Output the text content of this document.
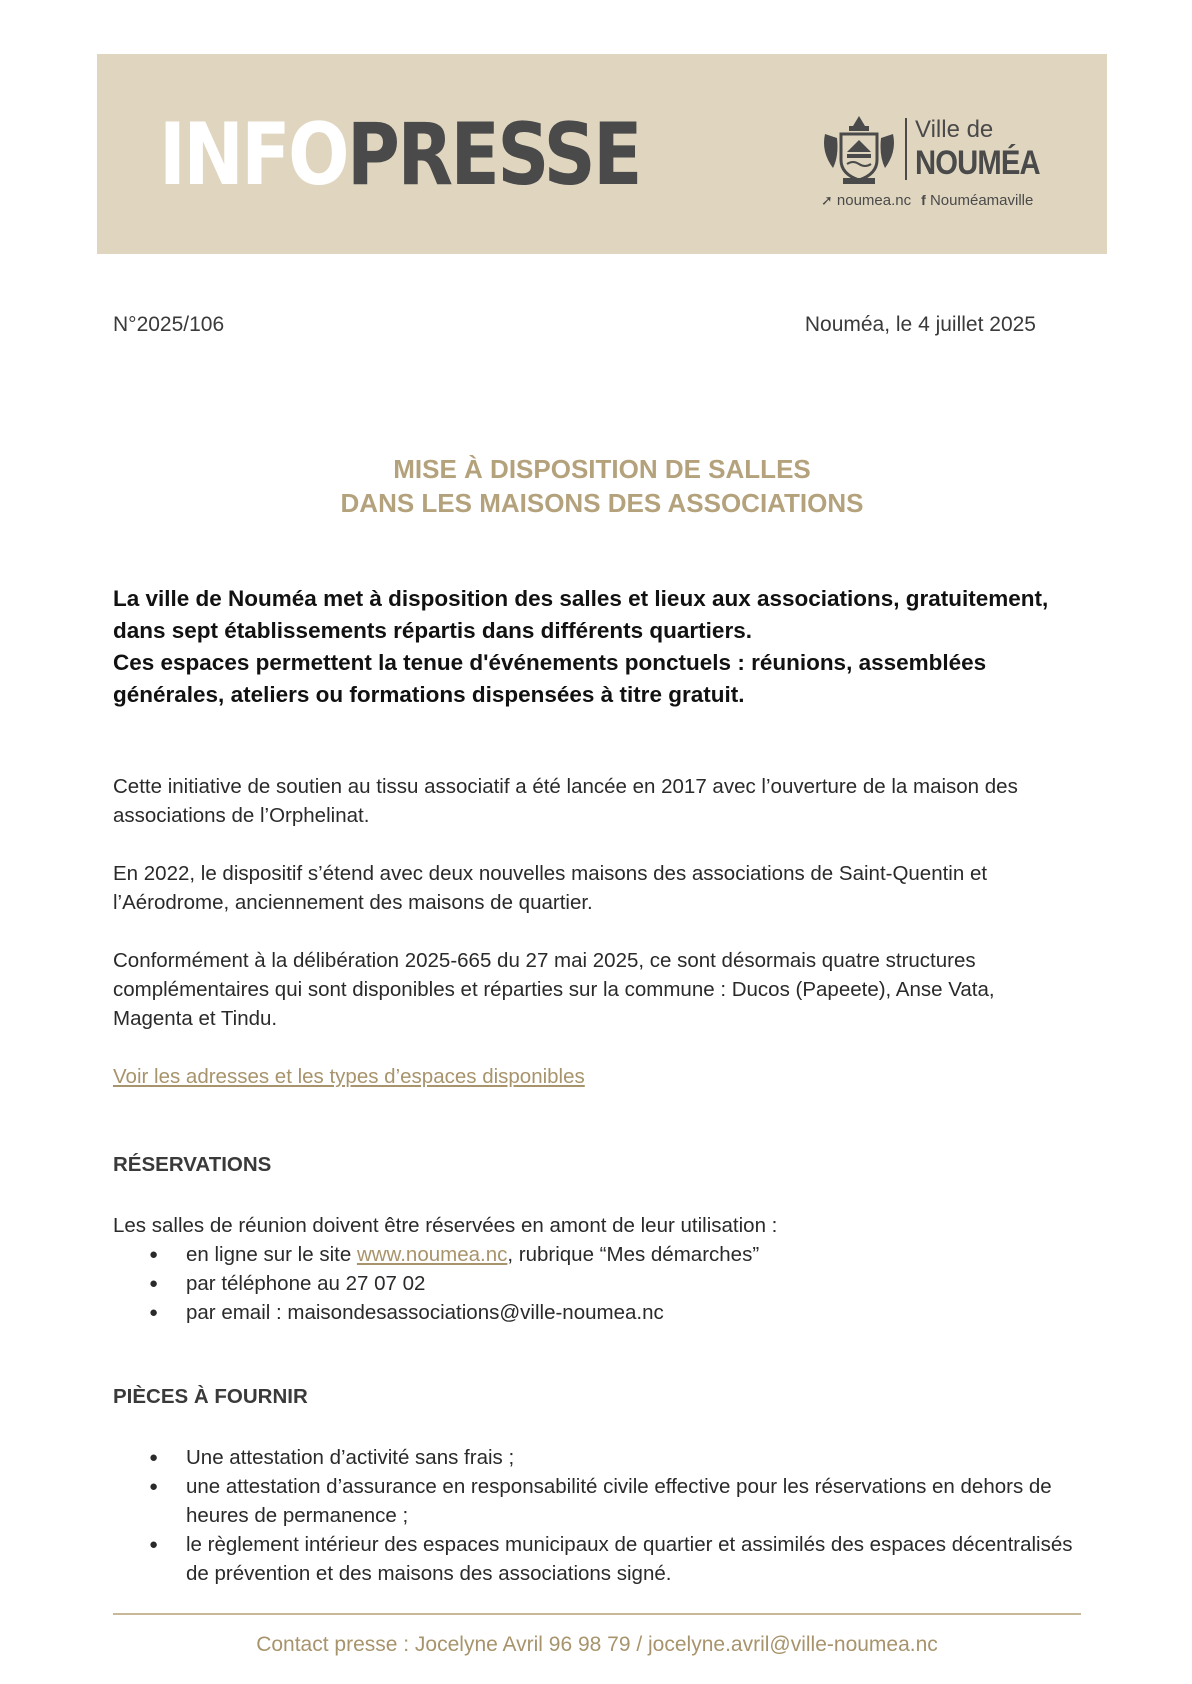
INFOPRESSE	Ville de
NOUMÉA
➚ noumea.nc f Nouméamaville
N°2025/106	Nouméa, le 4 juillet 2025
MISE À DISPOSITION DE SALLES
DANS LES MAISONS DES ASSOCIATIONS

La ville de Nouméa met à disposition des salles et lieux aux associations, gratuitement, dans sept établissements répartis dans différents quartiers.

Ces espaces permettent la tenue d'événements ponctuels : réunions, assemblées générales, ateliers ou formations dispensées à titre gratuit.

Cette initiative de soutien au tissu associatif a été lancée en 2017 avec l’ouverture de la maison des associations de l’Orphelinat.

En 2022, le dispositif s’étend avec deux nouvelles maisons des associations de Saint-Quentin et l’Aérodrome, anciennement des maisons de quartier.

Conformément à la délibération 2025-665 du 27 mai 2025, ce sont désormais quatre structures complémentaires qui sont disponibles et réparties sur la commune : Ducos (Papeete), Anse Vata, Magenta et Tindu.

Voir les adresses et les types d’espaces disponibles

RÉSERVATIONS

Les salles de réunion doivent être réservées en amont de leur utilisation :

● en ligne sur le site www.noumea.nc, rubrique “Mes démarches”
● par téléphone au 27 07 02
● par email : maisondesassociations@ville-noumea.nc
PIÈCES À FOURNIR
● Une attestation d’activité sans frais ;
● une attestation d’assurance en responsabilité civile effective pour les réservations en dehors de heures de permanence ;
● le règlement intérieur des espaces municipaux de quartier et assimilés des espaces décentralisés de prévention et des maisons des associations signé.
Contact presse : Jocelyne Avril 96 98 79 / jocelyne.avril@ville-noumea.nc
